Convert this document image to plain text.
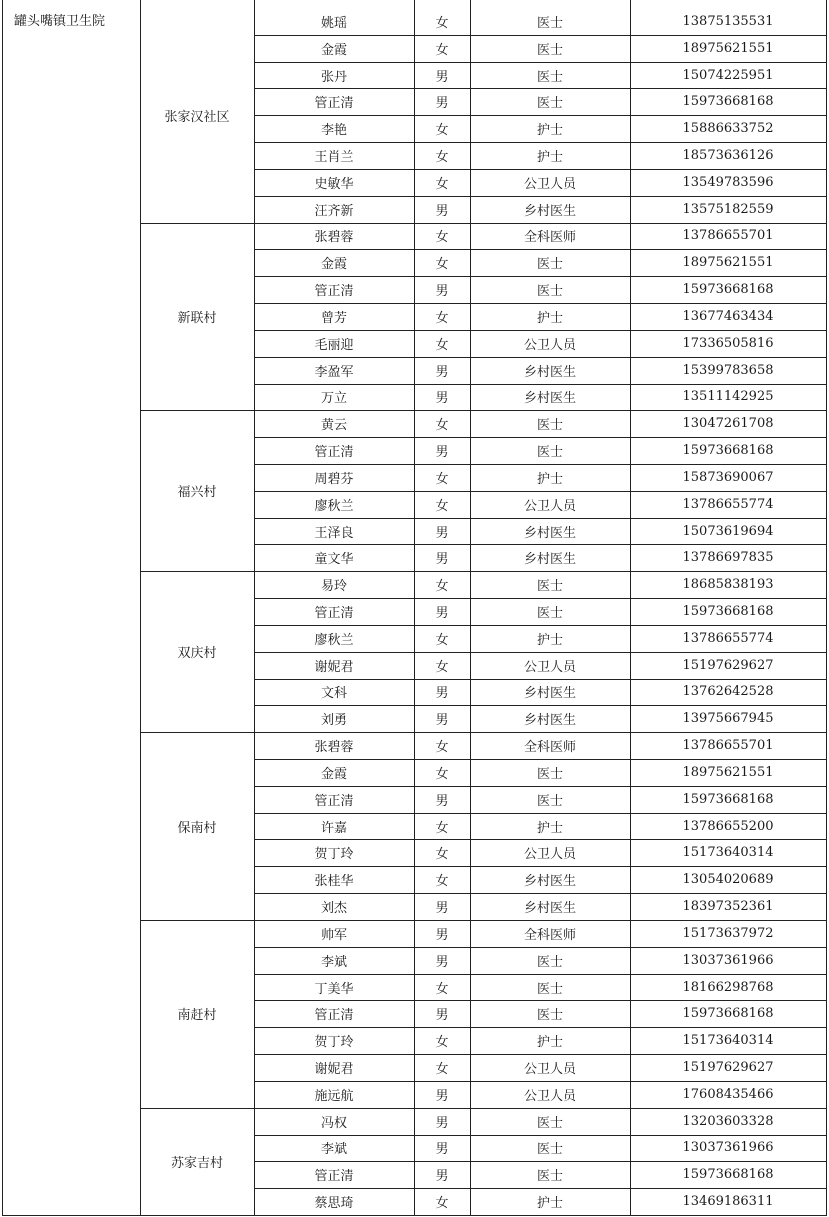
罐头嘴镇卫生院
张家汉社区
姚瑶	女	医士	13875135531
金霞	女	医士	18975621551
张丹	男	医士	15074225951
管正清	男	医士	15973668168
李艳	女	护士	15886633752
王肖兰	女	护士	18573636126
史敏华	女	公卫人员	13549783596
汪齐新	男	乡村医生	13575182559
新联村
张碧蓉	女	全科医师	13786655701
金霞	女	医士	18975621551
管正清	男	医士	15973668168
曾芳	女	护士	13677463434
毛丽迎	女	公卫人员	17336505816
李盈军	男	乡村医生	15399783658
万立	男	乡村医生	13511142925
福兴村
黄云	女	医士	13047261708
管正清	男	医士	15973668168
周碧芬	女	护士	15873690067
廖秋兰	女	公卫人员	13786655774
王泽良	男	乡村医生	15073619694
童文华	男	乡村医生	13786697835
双庆村
易玲	女	医士	18685838193
管正清	男	医士	15973668168
廖秋兰	女	护士	13786655774
谢妮君	女	公卫人员	15197629627
文科	男	乡村医生	13762642528
刘勇	男	乡村医生	13975667945
保南村
张碧蓉	女	全科医师	13786655701
金霞	女	医士	18975621551
管正清	男	医士	15973668168
许嘉	女	护士	13786655200
贺丁玲	女	公卫人员	15173640314
张桂华	女	乡村医生	13054020689
刘杰	男	乡村医生	18397352361
南赶村
帅军	男	全科医师	15173637972
李斌	男	医士	13037361966
丁美华	女	医士	18166298768
管正清	男	医士	15973668168
贺丁玲	女	护士	15173640314
谢妮君	女	公卫人员	15197629627
施远航	男	公卫人员	17608435466
苏家吉村
冯权	男	医士	13203603328
李斌	男	医士	13037361966
管正清	男	医士	15973668168
蔡思琦	女	护士	13469186311
